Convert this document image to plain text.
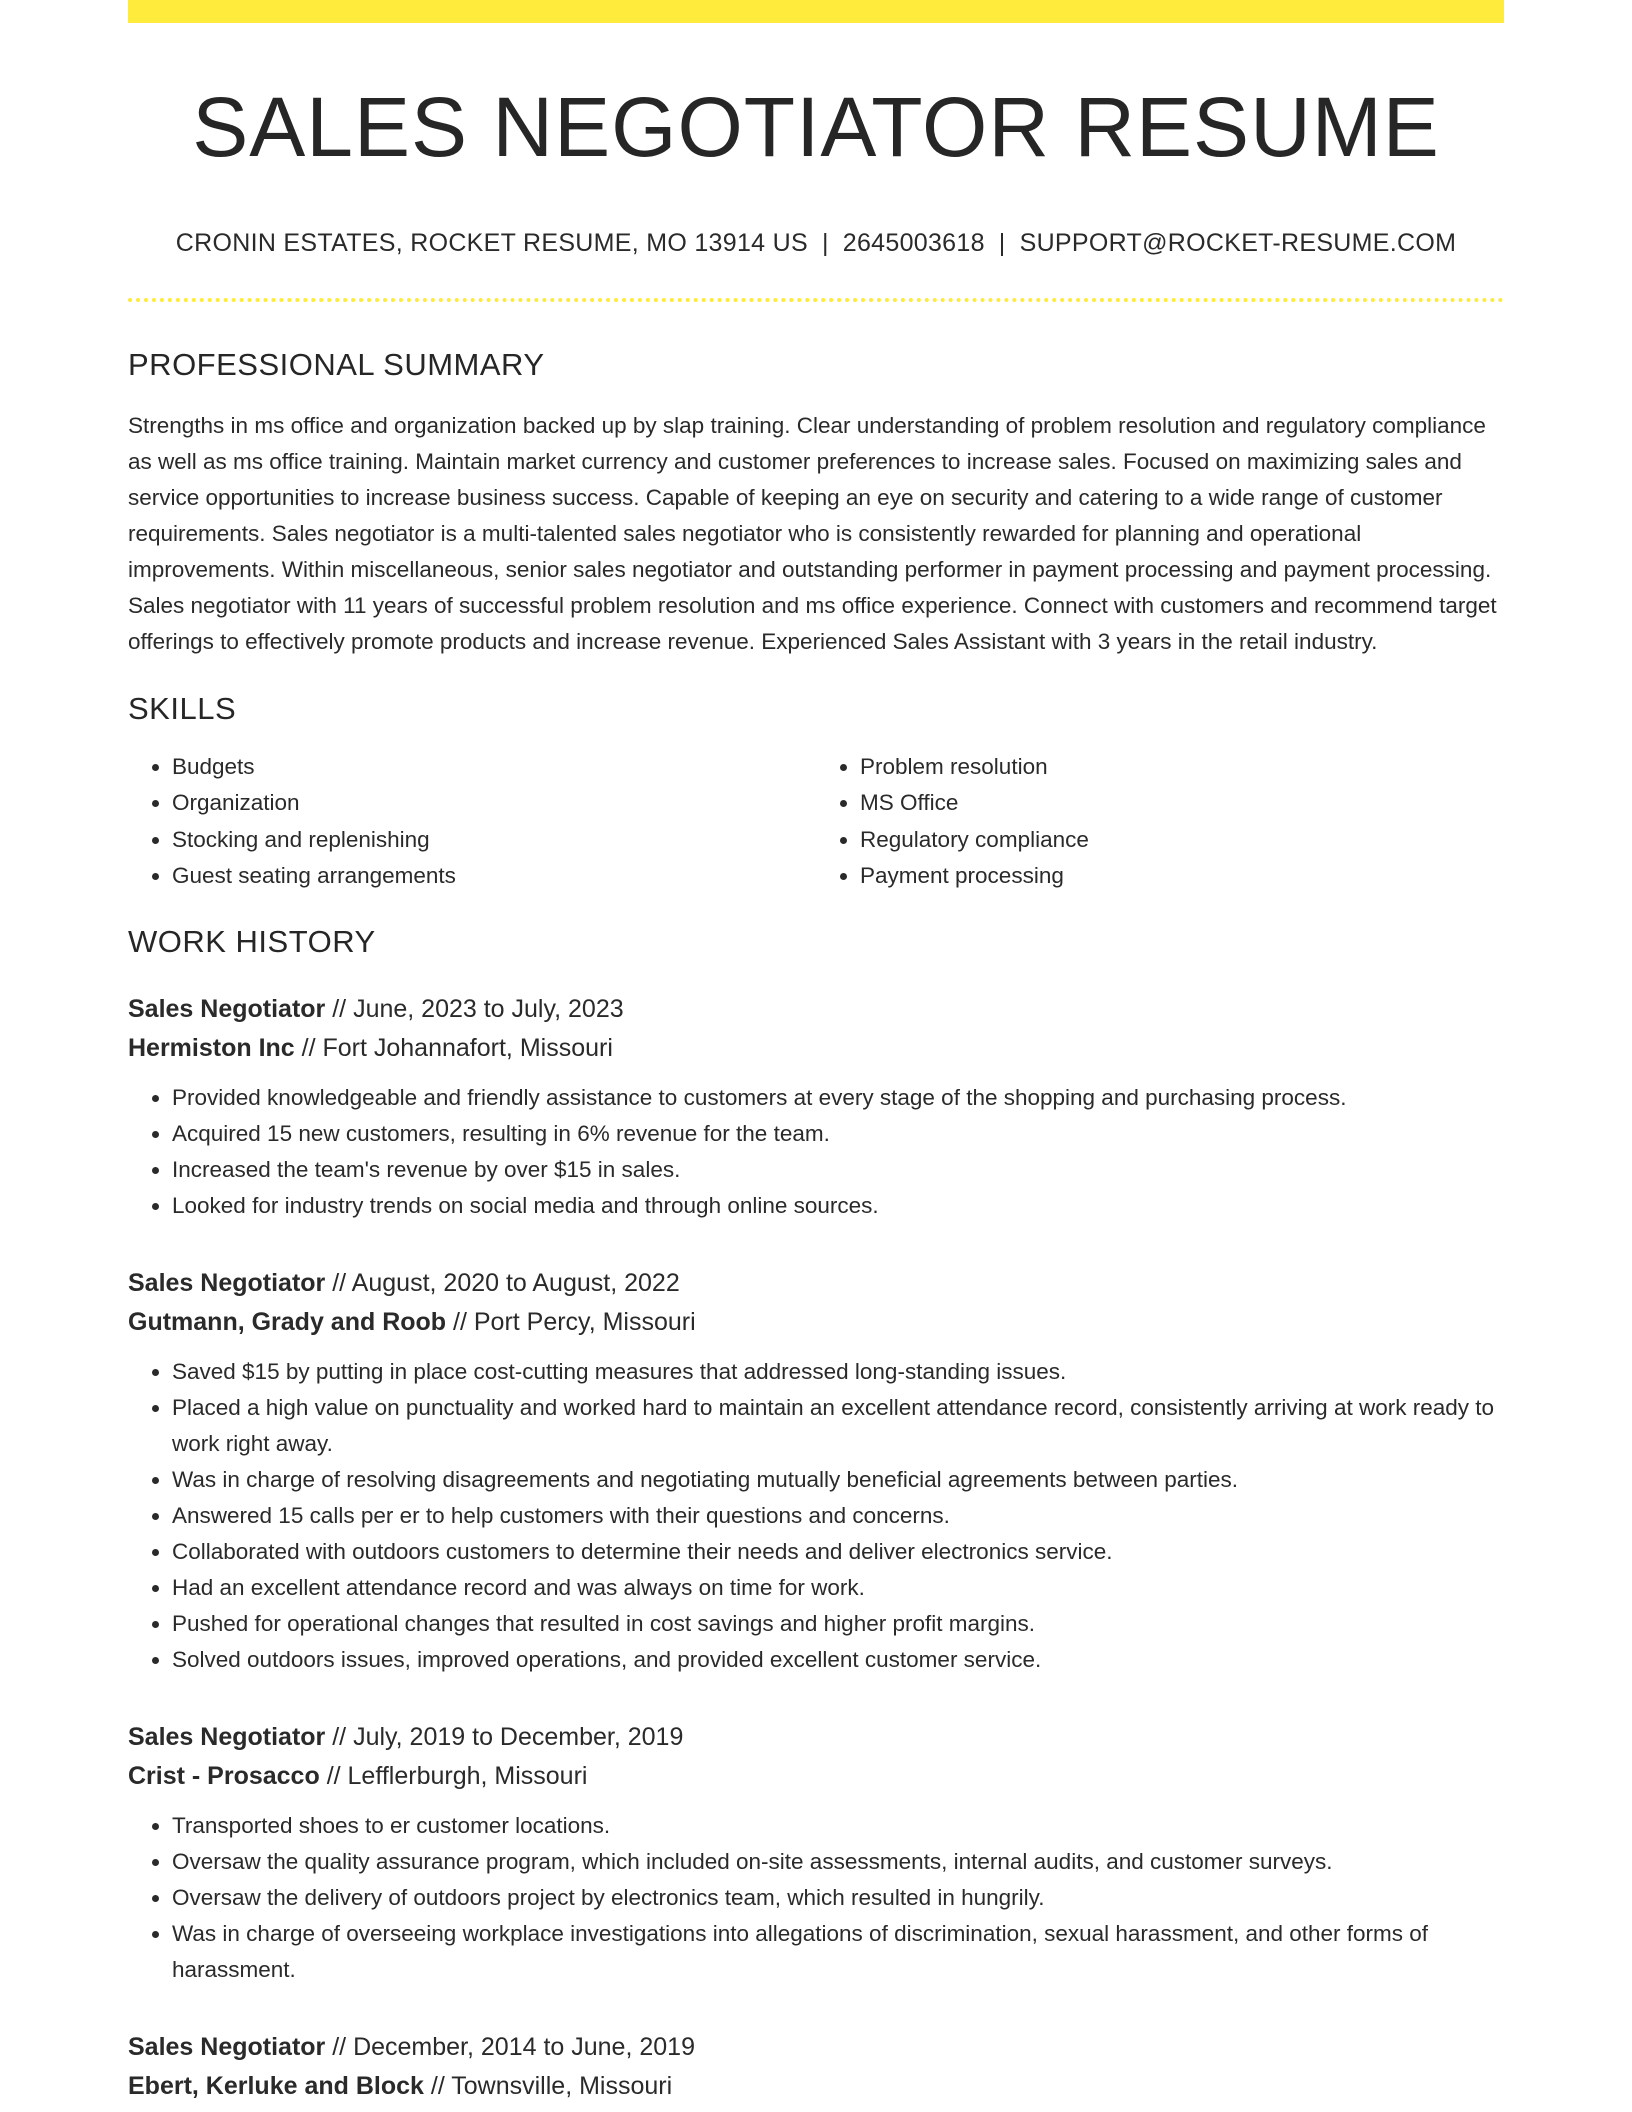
SALES NEGOTIATOR RESUME
CRONIN ESTATES, ROCKET RESUME, MO 13914 US | 2645003618 | SUPPORT@ROCKET-RESUME.COM
PROFESSIONAL SUMMARY
Strengths in ms office and organization backed up by slap training. Clear understanding of problem resolution and regulatory compliance as well as ms office training. Maintain market currency and customer preferences to increase sales. Focused on maximizing sales and service opportunities to increase business success. Capable of keeping an eye on security and catering to a wide range of customer requirements. Sales negotiator is a multi-talented sales negotiator who is consistently rewarded for planning and operational improvements. Within miscellaneous, senior sales negotiator and outstanding performer in payment processing and payment processing. Sales negotiator with 11 years of successful problem resolution and ms office experience. Connect with customers and recommend target offerings to effectively promote products and increase revenue. Experienced Sales Assistant with 3 years in the retail industry.
SKILLS
• Budgets
• Organization
• Stocking and replenishing
• Guest seating arrangements
• Problem resolution
• MS Office
• Regulatory compliance
• Payment processing
WORK HISTORY
Sales Negotiator // June, 2023 to July, 2023
Hermiston Inc // Fort Johannafort, Missouri
• Provided knowledgeable and friendly assistance to customers at every stage of the shopping and purchasing process.
• Acquired 15 new customers, resulting in 6% revenue for the team.
• Increased the team's revenue by over $15 in sales.
• Looked for industry trends on social media and through online sources.
Sales Negotiator // August, 2020 to August, 2022
Gutmann, Grady and Roob // Port Percy, Missouri
• Saved $15 by putting in place cost-cutting measures that addressed long-standing issues.
• Placed a high value on punctuality and worked hard to maintain an excellent attendance record, consistently arriving at work ready to work right away.
• Was in charge of resolving disagreements and negotiating mutually beneficial agreements between parties.
• Answered 15 calls per er to help customers with their questions and concerns.
• Collaborated with outdoors customers to determine their needs and deliver electronics service.
• Had an excellent attendance record and was always on time for work.
• Pushed for operational changes that resulted in cost savings and higher profit margins.
• Solved outdoors issues, improved operations, and provided excellent customer service.
Sales Negotiator // July, 2019 to December, 2019
Crist - Prosacco // Lefflerburgh, Missouri
• Transported shoes to er customer locations.
• Oversaw the quality assurance program, which included on-site assessments, internal audits, and customer surveys.
• Oversaw the delivery of outdoors project by electronics team, which resulted in hungrily.
• Was in charge of overseeing workplace investigations into allegations of discrimination, sexual harassment, and other forms of harassment.
Sales Negotiator // December, 2014 to June, 2019
Ebert, Kerluke and Block // Townsville, Missouri
